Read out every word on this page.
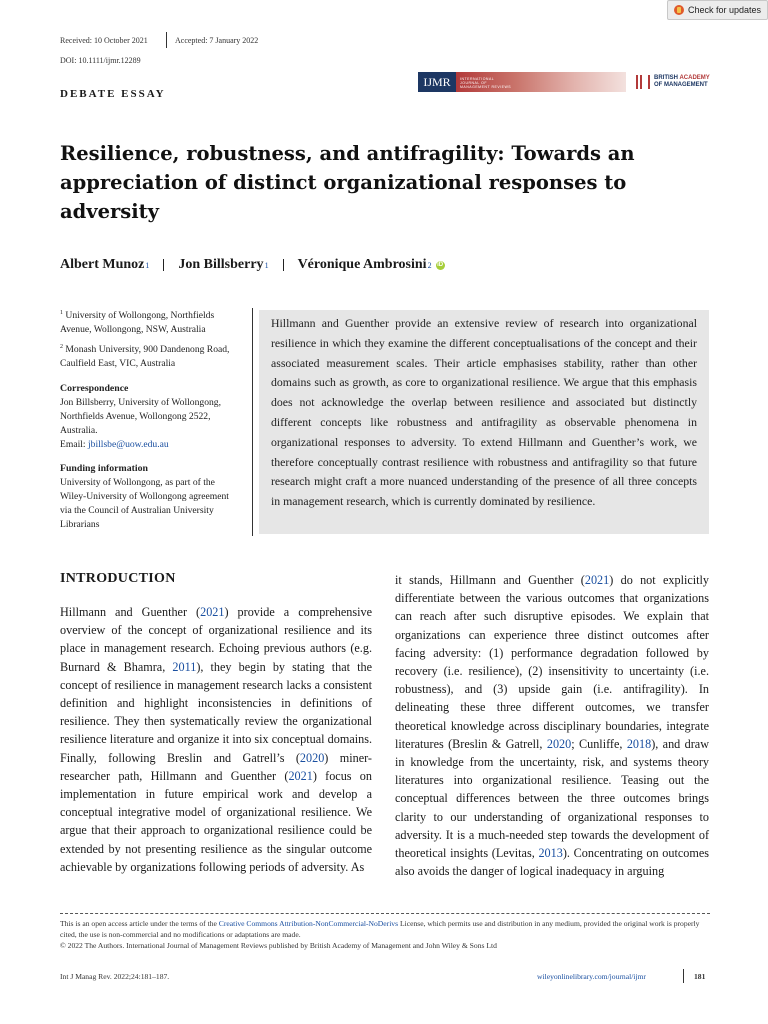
Check for updates
Received: 10 October 2021	Accepted: 7 January 2022
DOI: 10.1111/ijmr.12289
DEBATE ESSAY
IJMR	INTERNATIONAL
JOURNAL OF
MANAGEMENT REVIEWS
BRITISH ACADEMY
OF MANAGEMENT
Resilience, robustness, and antifragility: Towards an
appreciation of distinct organizational responses to
adversity
Albert Munoz 1 Jon Billsberry 1 Véronique Ambrosini 2 iD
$^1$ University of Wollongong, Northfields Avenue, Wollongong, NSW, Australia
$^2$ Monash University, 900 Dandenong Road, Caulfield East, VIC, Australia
Correspondence
Jon Billsberry, University of Wollongong, Northfields Avenue, Wollongong 2522, Australia.
Email: jbillsbe@uow.edu.au
Funding information
University of Wollongong, as part of the Wiley-University of Wollongong agreement via the Council of Australian University Librarians
Hillmann and Guenther provide an extensive review of research into organizational resilience in which they examine the different conceptualisations of the concept and their associated measurement scales. Their article emphasises stability, rather than other domains such as growth, as core to organizational resilience. We argue that this emphasis does not acknowledge the overlap between resilience and associated but distinctly different concepts like robustness and antifragility as observable phenomena in organizational responses to adversity. To extend Hillmann and Guenther’s work, we therefore conceptually contrast resilience with robustness and antifragility so that future research might craft a more nuanced understanding of the presence of all three concepts in management research, which is currently dominated by resilience.
INTRODUCTION

Hillmann and Guenther (2021) provide a comprehensive overview of the concept of organizational resilience and its place in management research. Echoing previous authors (e.g. Burnard & Bhamra, 2011), they begin by stating that the concept of resilience in management research lacks a consistent definition and highlight inconsistencies in definitions of resilience. They then systematically review the organizational resilience literature and organize it into six conceptual domains. Finally, following Breslin and Gatrell’s (2020) miner-researcher path, Hillmann and Guenther (2021) focus on implementation in future empirical work and develop a conceptual integrative model of organizational resilience. We argue that their approach to organizational resilience could be extended by not presenting resilience as the singular outcome achievable by organizations following periods of adversity. As

it stands, Hillmann and Guenther (2021) do not explicitly differentiate between the various outcomes that organizations can reach after such disruptive episodes. We explain that organizations can experience three distinct outcomes after facing adversity: (1) performance degradation followed by recovery (i.e. resilience), (2) insensitivity to uncertainty (i.e. robustness), and (3) upside gain (i.e. antifragility). In delineating these three different outcomes, we transfer theoretical knowledge across disciplinary boundaries, integrate literatures (Breslin & Gatrell, 2020; Cunliffe, 2018), and draw in knowledge from the uncertainty, risk, and systems theory literatures into organizational resilience. Teasing out the conceptual differences between the three outcomes brings clarity to our understanding of organizational responses to adversity. It is a much-needed step towards the development of theoretical insights (Levitas, 2013). Concentrating on outcomes also avoids the danger of logical inadequacy in arguing

This is an open access article under the terms of the Creative Commons Attribution-NonCommercial-NoDerivs License, which permits use and distribution in any medium, provided the original work is properly cited, the use is non-commercial and no modifications or adaptations are made.
© 2022 The Authors. International Journal of Management Reviews published by British Academy of Management and John Wiley & Sons Ltd
Int J Manag Rev. 2022;24:181–187.	wileyonlinelibrary.com/journal/ijmr	181
